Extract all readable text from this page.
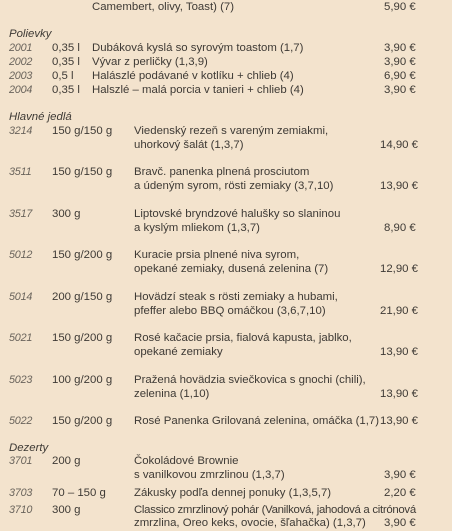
Camembert, olivy, Toast) (7)	5,90 €
Polievky
2001 0,35 l Dubáková kyslá so syrovým toastom (1,7)	3,90 €
2002 0,35 l Vývar z perličky (1,3,9)	3,90 €
2003 0,5 l Halászlé podávané v kotlíku + chlieb (4)	6,90 €
2004 0,35 l Halszlé – malá porcia v tanieri + chlieb (4)	3,90 €
Hlavné jedlá
3214 150 g/150 g Viedenský rezeň s vareným zemiakmi,
uhorkový šalát (1,3,7)	14,90 €
3511 150 g/150 g Bravč. panenka plnená prosciutom
a údeným syrom, rösti zemiaky (3,7,10)	13,90 €
3517 300 g	Liptovské bryndzové halušky so slaninou
a kyslým mliekom (1,3,7)	8,90 €
5012 150 g/200 g Kuracie prsia plnené niva syrom,
opekané zemiaky, dusená zelenina (7)	12,90 €
5014 200 g/150 g Hovädzí steak s rösti zemiaky a hubami,
pfeffer alebo BBQ omáčkou (3,6,7,10)	21,90 €
5021 150 g/200 g Rosé kačacie prsia, fialová kapusta, jablko,
opekané zemiaky	13,90 €
5023 100 g/200 g Pražená hovädzia sviečkovica s gnochi (chili),
zelenina (1,10)	13,90 €
5022 150 g/200 g Rosé Panenka Grilovaná zelenina, omáčka (1,7) 13,90 €
Dezerty
3701 200 g	Čokoládové Brownie
s vanilkovou zmrzlinou (1,3,7)	3,90 €
3703 70 – 150 g Zákusky podľa dennej ponuky (1,3,5,7)	2,20 €
3710 300 g	Classico zmrzlinový pohár (Vanilková, jahodová a citrónová
zmrzlina, Oreo keks, ovocie, šľahačka) (1,3,7) 3,90 €
